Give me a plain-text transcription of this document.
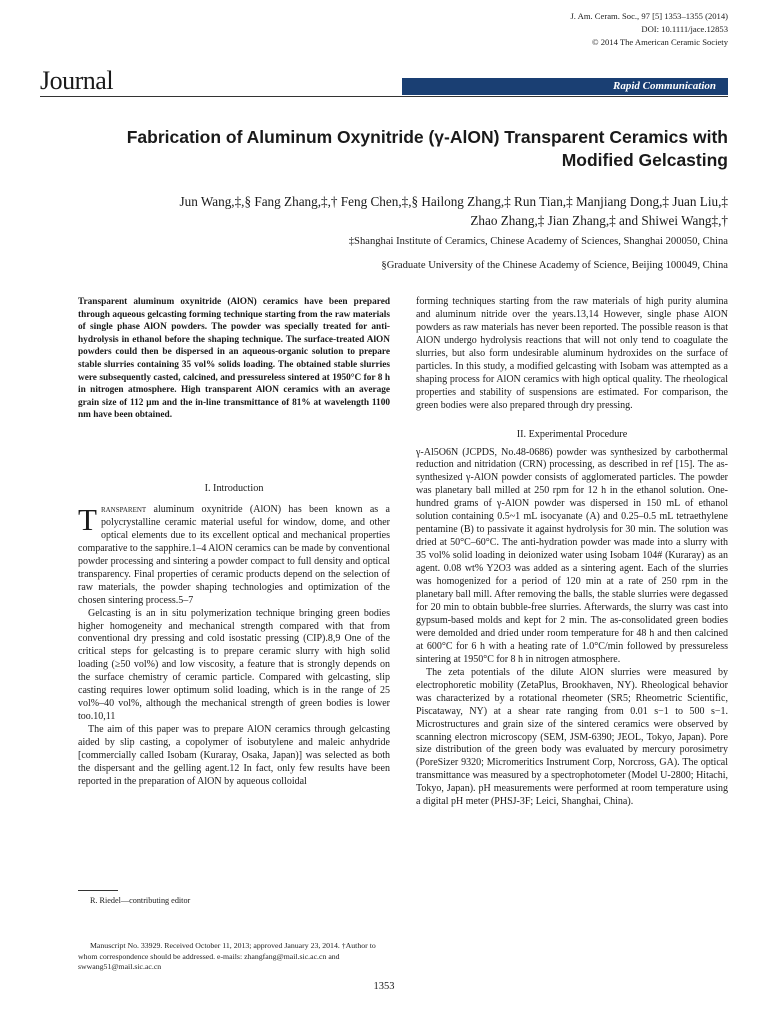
J. Am. Ceram. Soc., 97 [5] 1353–1355 (2014)
DOI: 10.1111/jace.12853
© 2014 The American Ceramic Society
Journal	Rapid Communication
Fabrication of Aluminum Oxynitride (γ-AlON) Transparent Ceramics with
Modified Gelcasting
Jun Wang,‡,§ Fang Zhang,‡,† Feng Chen,‡,§ Hailong Zhang,‡ Run Tian,‡ Manjiang Dong,‡ Juan Liu,‡
Zhao Zhang,‡ Jian Zhang,‡ and Shiwei Wang‡,†
‡Shanghai Institute of Ceramics, Chinese Academy of Sciences, Shanghai 200050, China
§Graduate University of the Chinese Academy of Science, Beijing 100049, China
Transparent aluminum oxynitride (AlON) ceramics have been prepared through aqueous gelcasting forming technique starting from the raw materials of single phase AlON powders. The powder was specially treated for anti-hydrolysis in ethanol before the shaping technique. The surface-treated AlON powders could then be dispersed in an aqueous-organic solution to prepare stable slurries containing 35 vol% solids loading. The obtained stable slurries were subsequently casted, calcined, and pressureless sintered at 1950°C for 8 h in nitrogen atmosphere. High transparent AlON ceramics with an average grain size of 112 μm and the in-line transmittance of 81% at wavelength 1100 nm have been obtained.

I. Introduction

Transparent aluminum oxynitride (AlON) has been known as a polycrystalline ceramic material useful for window, dome, and other optical elements due to its excellent optical and mechanical properties comparative to the sapphire.1–4 AlON ceramics can be made by conventional powder processing and sintering a powder compact to full density and optical transparency. Final properties of ceramic products depend on the selection of raw materials, the powder shaping technologies and optimization of the chosen sintering process.5–7

Gelcasting is an in situ polymerization technique bringing green bodies higher homogeneity and mechanical strength compared with that from conventional dry pressing and cold isostatic pressing (CIP).8,9 One of the critical steps for gelcasting is to prepare ceramic slurry with high solid loading (≥50 vol%) and low viscosity, a feature that is strongly depends on the surface chemistry of ceramic particle. Compared with gelcasting, slip casting requires lower optimum solid loading, which is in the range of 25 vol%–40 vol%, although the mechanical strength of green bodies is lower too.10,11

The aim of this paper was to prepare AlON ceramics through gelcasting aided by slip casting, a copolymer of isobutylene and maleic anhydride [commercially called Isobam (Kuraray, Osaka, Japan)] was selected as both the dispersant and the gelling agent.12 In fact, only few results have been reported in the preparation of AlON by aqueous colloidal

forming techniques starting from the raw materials of high purity alumina and aluminum nitride over the years.13,14 However, single phase AlON powders as raw materials has never been reported. The possible reason is that AlON undergo hydrolysis reactions that will not only tend to coagulate the slurries, but also form undesirable aluminum hydroxides on the surface of particles. In this study, a modified gelcasting with Isobam was attempted as a shaping process for AlON ceramics with high optical quality. The rheological properties and stability of suspensions are estimated. For comparison, the green bodies were also prepared through dry pressing.

II. Experimental Procedure

γ-Al5O6N (JCPDS, No.48-0686) powder was synthesized by carbothermal reduction and nitridation (CRN) processing, as described in ref [15]. The as-synthesized γ-AlON powder consists of agglomerated particles. The powder was planetary ball milled at 250 rpm for 12 h in the ethanol solution. One-hundred grams of γ-AlON powder was dispersed in 150 mL of ethanol solution containing 0.5~1 mL isocyanate (A) and 0.25–0.5 mL tetraethylene pentamine (B) to passivate it against hydrolysis for 30 min. The solution was dried at 50°C–60°C. The anti-hydration powder was made into a slurry with 35 vol% solid loading in deionized water using Isobam 104# (Kuraray) as an agent. 0.08 wt% Y2O3 was added as a sintering agent. Each of the slurries was homogenized for a period of 120 min at a rate of 250 rpm in the planetary ball mill. After removing the balls, the stable slurries were degassed for 20 min to obtain bubble-free slurries. Afterwards, the slurry was cast into gypsum-based molds and kept for 2 min. The as-consolidated green bodies were demolded and dried under room temperature for 48 h and then calcined at 600°C for 6 h with a heating rate of 1.0°C/min followed by pressureless sintering at 1950°C for 8 h in nitrogen atmosphere.

The zeta potentials of the dilute AlON slurries were measured by electrophoretic mobility (ZetaPlus, Brookhaven, NY). Rheological behavior was characterized by a rotational rheometer (SR5; Rheometric Scientific, Piscataway, NY) at a shear rate ranging from 0.01 s−1 to 500 s−1. Microstructures and grain size of the sintered ceramics were observed by scanning electron microscopy (SEM, JSM-6390; JEOL, Tokyo, Japan). Pore size distribution of the green body was evaluated by mercury porosimetry (PoreSizer 9320; Micromeritics Instrument Corp, Norcross, GA). The optical transmittance was measured by a spectrophotometer (Model U-2800; Hitachi, Tokyo, Japan). pH measurements were performed at room temperature using a digital pH meter (PHSJ-3F; Leici, Shanghai, China).

R. Riedel—contributing editor
Manuscript No. 33929. Received October 11, 2013; approved January 23, 2014. †Author to whom correspondence should be addressed. e-mails: zhangfang@mail.sic.ac.cn and swwang51@mail.sic.ac.cn
1353
